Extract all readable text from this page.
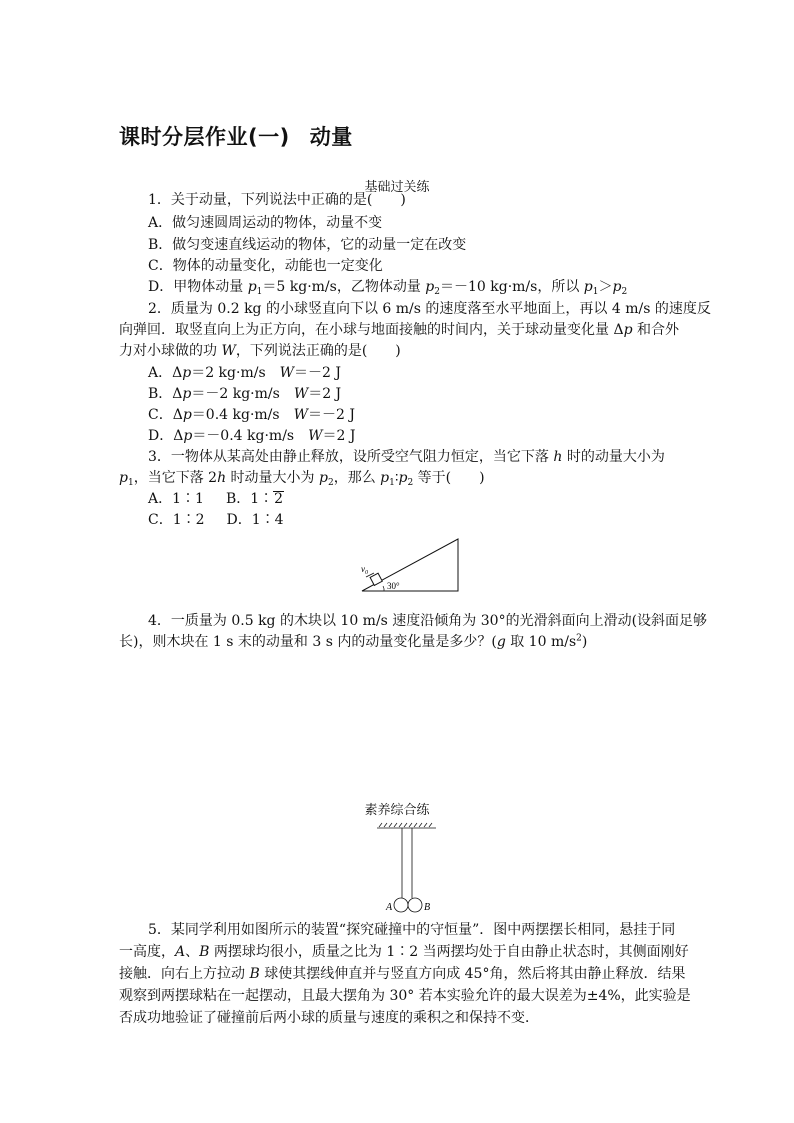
课时分层作业(一) 动量
基础过关练
1．关于动量，下列说法中正确的是(　　)
A．做匀速圆周运动的物体，动量不变
B．做匀变速直线运动的物体，它的动量一定在改变
C．物体的动量变化，动能也一定变化
D．甲物体动量 $p_1=5$ kg·m/s，乙物体动量 $p_2=-10$ kg·m/s，所以 $p_1>p_2$
2．质量为 0.2 kg 的小球竖直向下以 6 m/s 的速度落至水平地面上，再以 4 m/s 的速度反
向弹回．取竖直向上为正方向，在小球与地面接触的时间内，关于球动量变化量 Δp 和合外
力对小球做的功 W，下列说法正确的是(　　)
A．Δp＝2 kg·m/s　W＝－2 J
B．Δp＝－2 kg·m/s　W＝2 J
C．Δp＝0.4 kg·m/s　W＝－2 J
D．Δp＝－0.4 kg·m/s　W＝2 J
3．一物体从某高处由静止释放，设所受空气阻力恒定，当它下落 h 时的动量大小为
$p_1$，当它下落 2h 时动量大小为 $p_2$，那么 $p_1∶p_2$ 等于(　　)
A．1∶1 B．1∶2
C．1∶2 D．1∶4
$v_0$
30°
4．一质量为 0.5 kg 的木块以 10 m/s 速度沿倾角为 30°的光滑斜面向上滑动(设斜面足够
长)，则木块在 1 s 末的动量和 3 s 内的动量变化量是多少？(g 取 10 $m/s^2$)
素养综合练
A	B
5．某同学利用如图所示的装置“探究碰撞中的守恒量”．图中两摆摆长相同，悬挂于同
一高度，A、B 两摆球均很小，质量之比为 1∶2 当两摆均处于自由静止状态时，其侧面刚好
接触．向右上方拉动 B 球使其摆线伸直并与竖直方向成 45°角，然后将其由静止释放．结果
观察到两摆球粘在一起摆动，且最大摆角为 30° 若本实验允许的最大误差为±4%，此实验是
否成功地验证了碰撞前后两小球的质量与速度的乘积之和保持不变．
